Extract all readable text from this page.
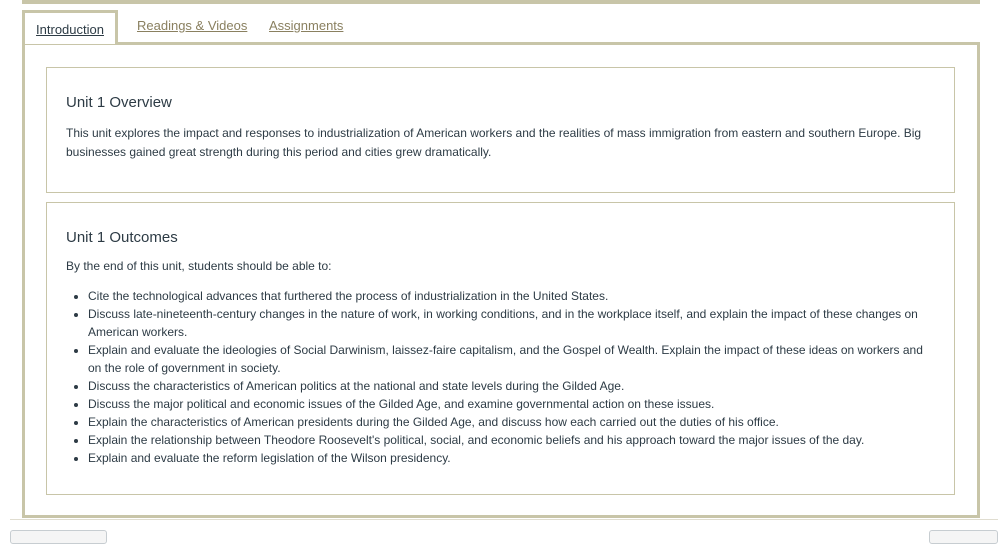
Introduction	Readings & Videos Assignments
Unit 1 Overview

This unit explores the impact and responses to industrialization of American workers and the realities of mass immigration from eastern and southern Europe. Big businesses gained great strength during this period and cities grew dramatically.

Unit 1 Outcomes

By the end of this unit, students should be able to:

• Cite the technological advances that furthered the process of industrialization in the United States.
• Discuss late-nineteenth-century changes in the nature of work, in working conditions, and in the workplace itself, and explain the impact of these changes on American workers.
• Explain and evaluate the ideologies of Social Darwinism, laissez-faire capitalism, and the Gospel of Wealth. Explain the impact of these ideas on workers and on the role of government in society.
• Discuss the characteristics of American politics at the national and state levels during the Gilded Age.
• Discuss the major political and economic issues of the Gilded Age, and examine governmental action on these issues.
• Explain the characteristics of American presidents during the Gilded Age, and discuss how each carried out the duties of his office.
• Explain the relationship between Theodore Roosevelt's political, social, and economic beliefs and his approach toward the major issues of the day.
• Explain and evaluate the reform legislation of the Wilson presidency.
